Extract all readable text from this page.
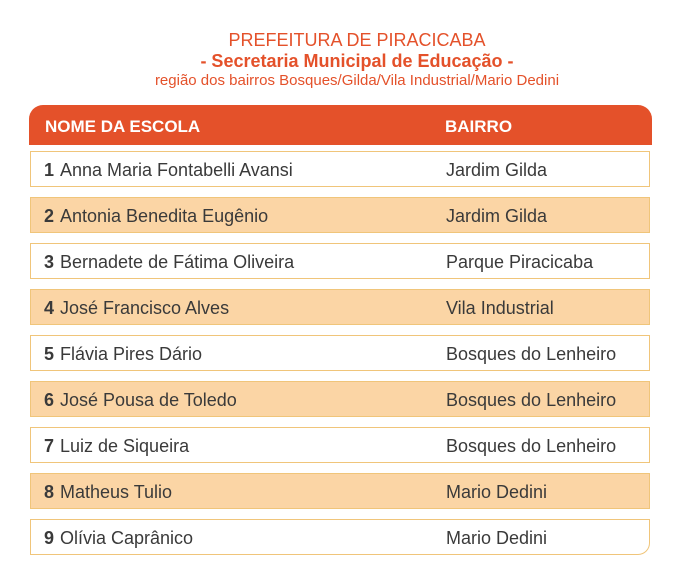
PREFEITURA DE PIRACICABA
- Secretaria Municipal de Educação -
região dos bairros Bosques/Gilda/Vila Industrial/Mario Dedini
NOME DA ESCOLA	BAIRRO
1 Anna Maria Fontabelli Avansi	Jardim Gilda
2 Antonia Benedita Eugênio	Jardim Gilda
3 Bernadete de Fátima Oliveira	Parque Piracicaba
4 José Francisco Alves	Vila Industrial
5 Flávia Pires Dário	Bosques do Lenheiro
6 José Pousa de Toledo	Bosques do Lenheiro
7 Luiz de Siqueira	Bosques do Lenheiro
8 Matheus Tulio	Mario Dedini
9 Olívia Caprânico	Mario Dedini
